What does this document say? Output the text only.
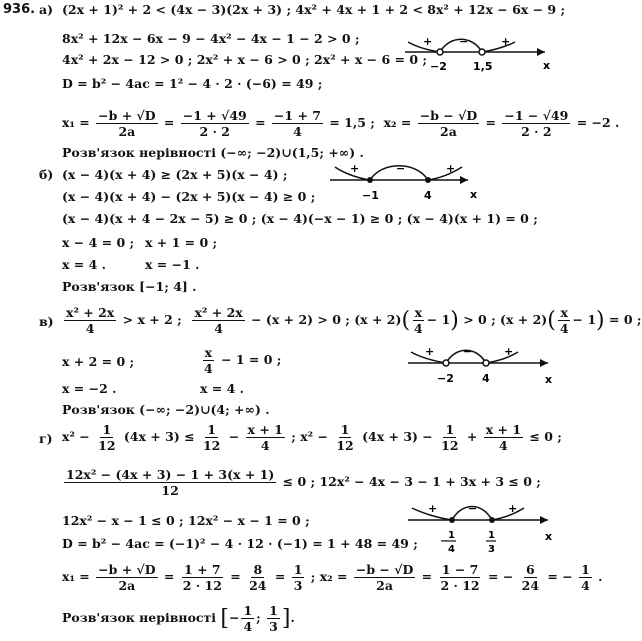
936. а) (2x + 1)² + 2 < (4x − 3)(2x + 3) ; 4x² + 4x + 1 + 2 < 8x² + 12x − 6x − 9 ;
8x² + 12x − 6x − 9 − 4x² − 4x − 1 − 2 > 0 ;
4x² + 2x − 12 > 0 ; 2x² + x − 6 > 0 ; 2x² + x − 6 = 0 ;
D = b² − 4ac = 1² − 4 · 2 · (−6) = 49 ;
$x_1 = \frac{-b + √D}{2a} = \frac{-1 + √49}{2 \cdot 2} = \frac{-1 + 7}{4} = 1,5$ ; $x_2 = \frac{-b - √D}{2a} = \frac{-1 - √49}{2 \cdot 2} = -2$ .
Розв'язок нерівності (−∞; −2)∪(1,5; +∞) .
+ −	+
−2 1,5	x
б) (x − 4)(x + 4) ≥ (2x + 5)(x − 4) ;
(x − 4)(x + 4) − (2x + 5)(x − 4) ≥ 0 ;
(x − 4)(x + 4 − 2x − 5) ≥ 0 ; (x − 4)(−x − 1) ≥ 0 ; (x − 4)(x + 1) = 0 ;
x − 4 = 0 ; x + 1 = 0 ;
x = 4 .	x = −1 .
Розв'язок [−1; 4] .
+	−	+
−1	4	x
$в) \frac{\text{x² + 2x}}{4} > x + 2$ ; $\frac{\text{x² + 2x}}{4} - (x + 2) > 0$ ; $(x + 2)( \frac{x}{4} - 1) > 0$ ; $(x + 2)( \frac{x}{4} - 1) = 0$ ;
x + 2 = 0 ;	$\frac{x}{4} - 1 = 0$ ;
x = −2 .	x = 4 .
Розв'язок (−∞; −2)∪(4; +∞) .
+	−	+
−2	4	x
г) $x^2 - \frac{1}{12} (4x + 3) \le \frac{1}{12} - \frac{x + 1}{4}$ ; $x^2 - \frac{1}{12} (4x + 3) - \frac{1}{12} + \frac{x + 1}{4} \le 0$ ;
$\frac{\text{12x² − (4x + 3) − 1 + 3(x + 1)}}{12} \le 0$ ; 12x² − 4x − 3 − 1 + 3x + 3 ≤ 0 ;
12x² − x − 1 ≤ 0 ; 12x² − x − 1 = 0 ;
D = b² − 4ac = (−1)² − 4 · 12 · (−1) = 1 + 48 = 49 ;
$x_1 = \frac{-b + √D}{2a} = \frac{1 + 7}{2 \cdot 12} = \frac{8}{24} = \frac{1}{3}$ ; $x_2 = \frac{-b - √D}{2a} = \frac{1 - 7}{2 \cdot 12}$ = − $\frac{6}{24}$ = − $\frac{1}{4}$ .
Розв'язок нерівності [− $\frac{1}{4}$ ; $\frac{1}{3}$ ].
+	−	+
−
1
4
1
3
x
